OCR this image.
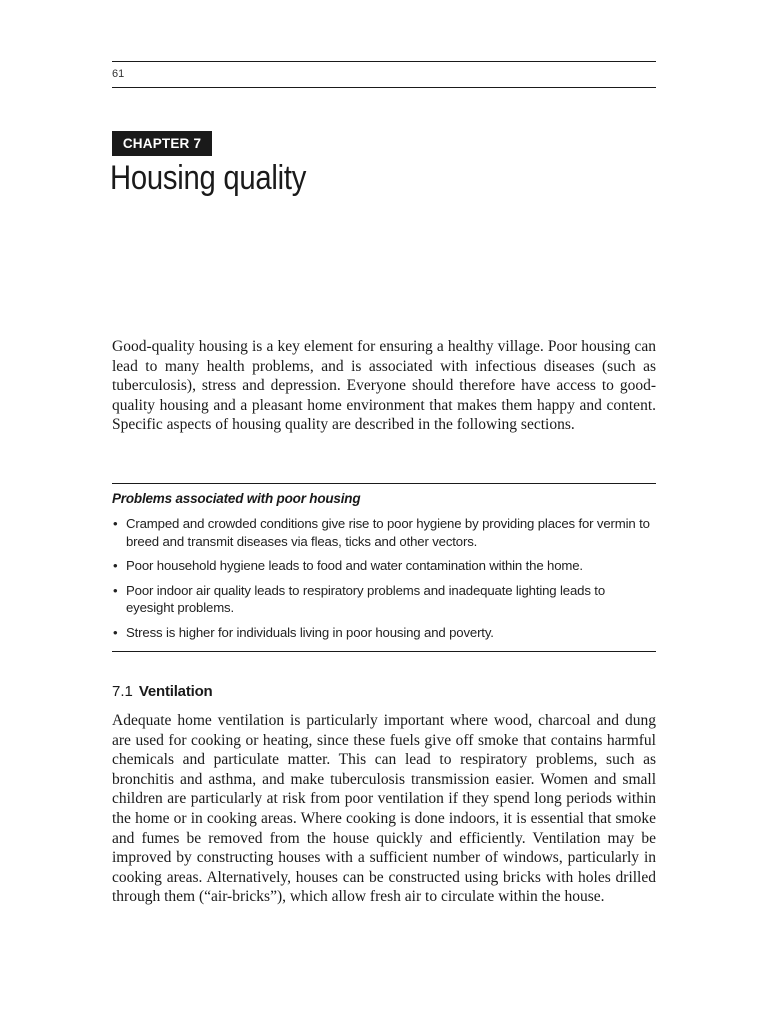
61
CHAPTER 7
Housing quality

Good-quality housing is a key element for ensuring a healthy village. Poor housing can lead to many health problems, and is associated with infectious diseases (such as tuberculosis), stress and depression. Everyone should therefore have access to good-quality housing and a pleasant home environment that makes them happy and content. Specific aspects of housing quality are described in the following sections.

Problems associated with poor housing
• Cramped and crowded conditions give rise to poor hygiene by providing places for vermin to breed and transmit diseases via fleas, ticks and other vectors.
• Poor household hygiene leads to food and water contamination within the home.
• Poor indoor air quality leads to respiratory problems and inadequate lighting leads to eyesight problems.
• Stress is higher for individuals living in poor housing and poverty.
7.1 Ventilation

Adequate home ventilation is particularly important where wood, charcoal and dung are used for cooking or heating, since these fuels give off smoke that contains harmful chemicals and particulate matter. This can lead to respiratory problems, such as bronchitis and asthma, and make tuberculosis transmission easier. Women and small children are particularly at risk from poor ventilation if they spend long periods within the home or in cooking areas. Where cooking is done indoors, it is essential that smoke and fumes be removed from the house quickly and efficiently. Ventilation may be improved by constructing houses with a sufficient number of windows, particularly in cooking areas. Alternatively, houses can be constructed using bricks with holes drilled through them (“air-bricks”), which allow fresh air to circulate within the house.
